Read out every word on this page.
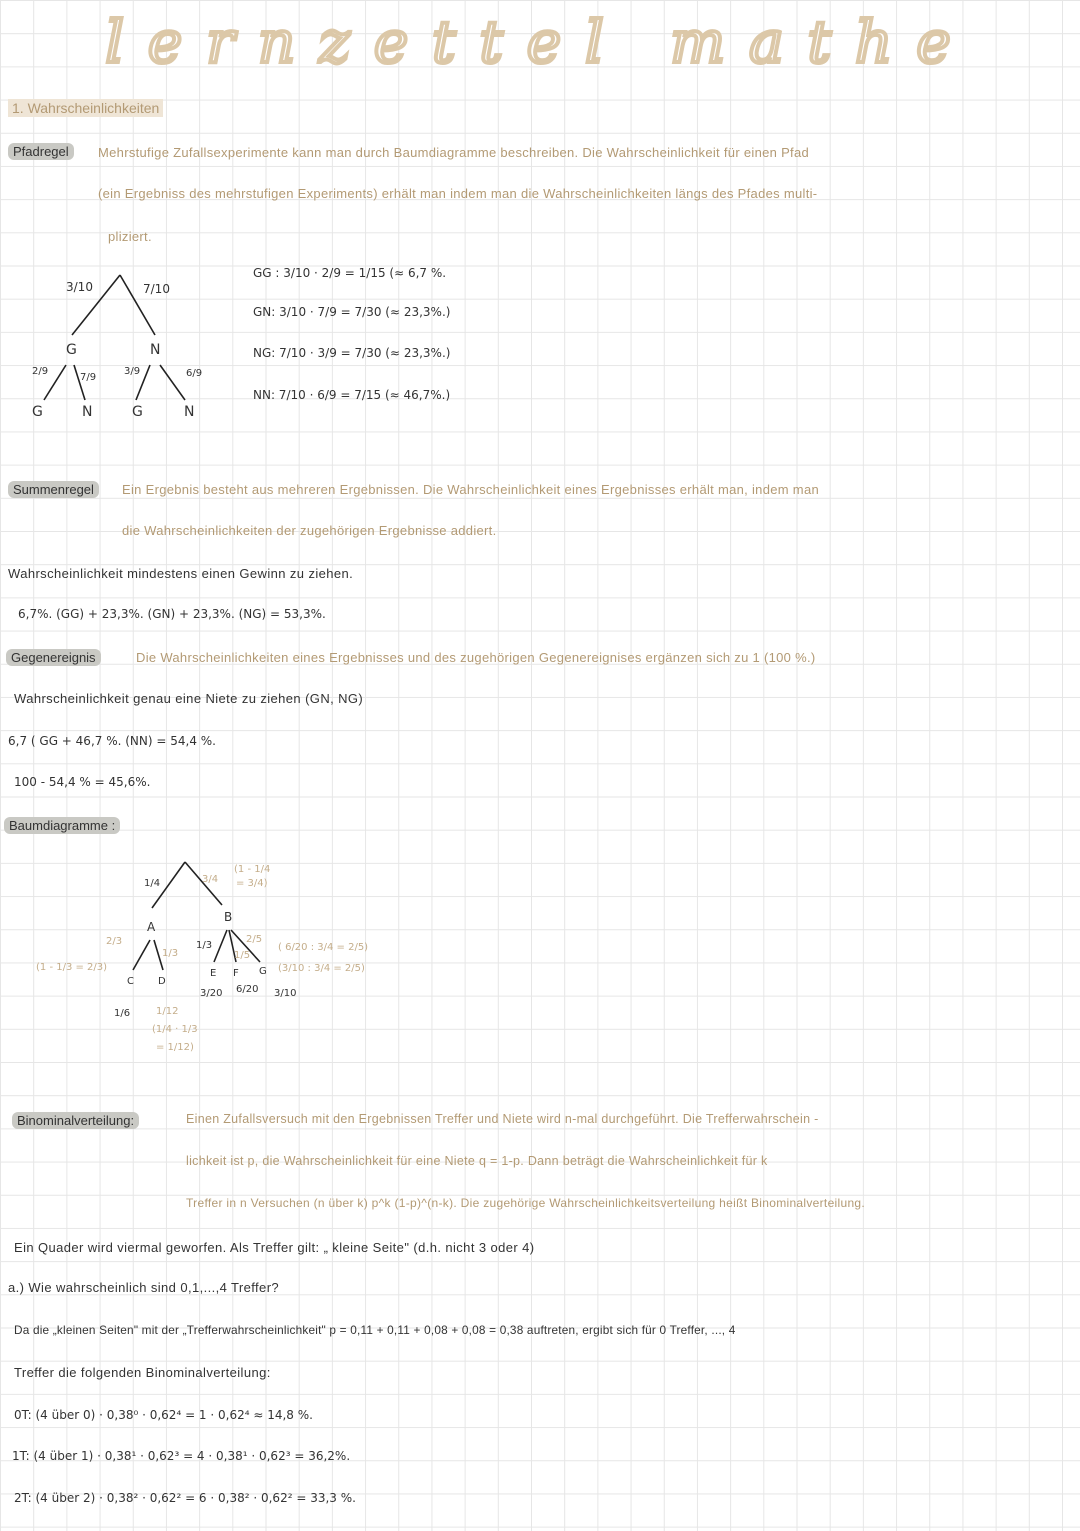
lernzettel mathe
1. Wahrscheinlichkeiten
Pfadregel	Mehrstufige Zufallsexperimente kann man durch Baumdiagramme beschreiben. Die Wahrscheinlichkeit für einen Pfad
(ein Ergebniss des mehrstufigen Experiments) erhält man indem man die Wahrscheinlichkeiten längs des Pfades multi-
pliziert.
3/10	7/10
G	N
2/9
7/9
3/9	6/9
G	N	G	N
GG : 3/10 · 2/9 = 1/15 (≈ 6,7 %.
GN: 3/10 · 7/9 = 7/30 (≈ 23,3%.)
NG: 7/10 · 3/9 = 7/30 (≈ 23,3%.)
NN: 7/10 · 6/9 = 7/15 (≈ 46,7%.)
Summenregel	Ein Ergebnis besteht aus mehreren Ergebnissen. Die Wahrscheinlichkeit eines Ergebnisses erhält man, indem man
die Wahrscheinlichkeiten der zugehörigen Ergebnisse addiert.
Wahrscheinlichkeit mindestens einen Gewinn zu ziehen.
6,7%. (GG) + 23,3%. (GN) + 23,3%. (NG) = 53,3%.
Gegenereignis	Die Wahrscheinlichkeiten eines Ergebnisses und des zugehörigen Gegenereignises ergänzen sich zu 1 (100 %.)
Wahrscheinlichkeit genau eine Niete zu ziehen (GN, NG)
6,7 ( GG + 46,7 %. (NN) = 54,4 %.
100 - 54,4 % = 45,6%.
Baumdiagramme :
1/4	3/4
(1 - 1/4
= 3/4)
A
B
2/3
1/3
(1 - 1/3 = 2/3)
1/3
1/5
2/5
( 6/20 : 3/4 = 2/5)
(3/10 : 3/4 = 2/5)
C D
E F G
3/20 6/20 3/10
1/6	1/12
(1/4 · 1/3
= 1/12)
Binominalverteilung:	Einen Zufallsversuch mit den Ergebnissen Treffer und Niete wird n-mal durchgeführt. Die Trefferwahrschein -
lichkeit ist p, die Wahrscheinlichkeit für eine Niete q = 1-p. Dann beträgt die Wahrscheinlichkeit für k
Treffer in n Versuchen (n über k) p^k (1-p)^(n-k). Die zugehörige Wahrscheinlichkeitsverteilung heißt Binominalverteilung.
Ein Quader wird viermal geworfen. Als Treffer gilt: „ kleine Seite" (d.h. nicht 3 oder 4)
a.) Wie wahrscheinlich sind 0,1,...,4 Treffer?
Da die „kleinen Seiten" mit der „Trefferwahrscheinlichkeit" p = 0,11 + 0,11 + 0,08 + 0,08 = 0,38 auftreten, ergibt sich für 0 Treffer, ..., 4
Treffer die folgenden Binominalverteilung:
0T: (4 über 0) · 0,38⁰ · 0,62⁴ = 1 · 0,62⁴ ≈ 14,8 %.
1T: (4 über 1) · 0,38¹ · 0,62³ = 4 · 0,38¹ · 0,62³ = 36,2%.
2T: (4 über 2) · 0,38² · 0,62² = 6 · 0,38² · 0,62² = 33,3 %.
